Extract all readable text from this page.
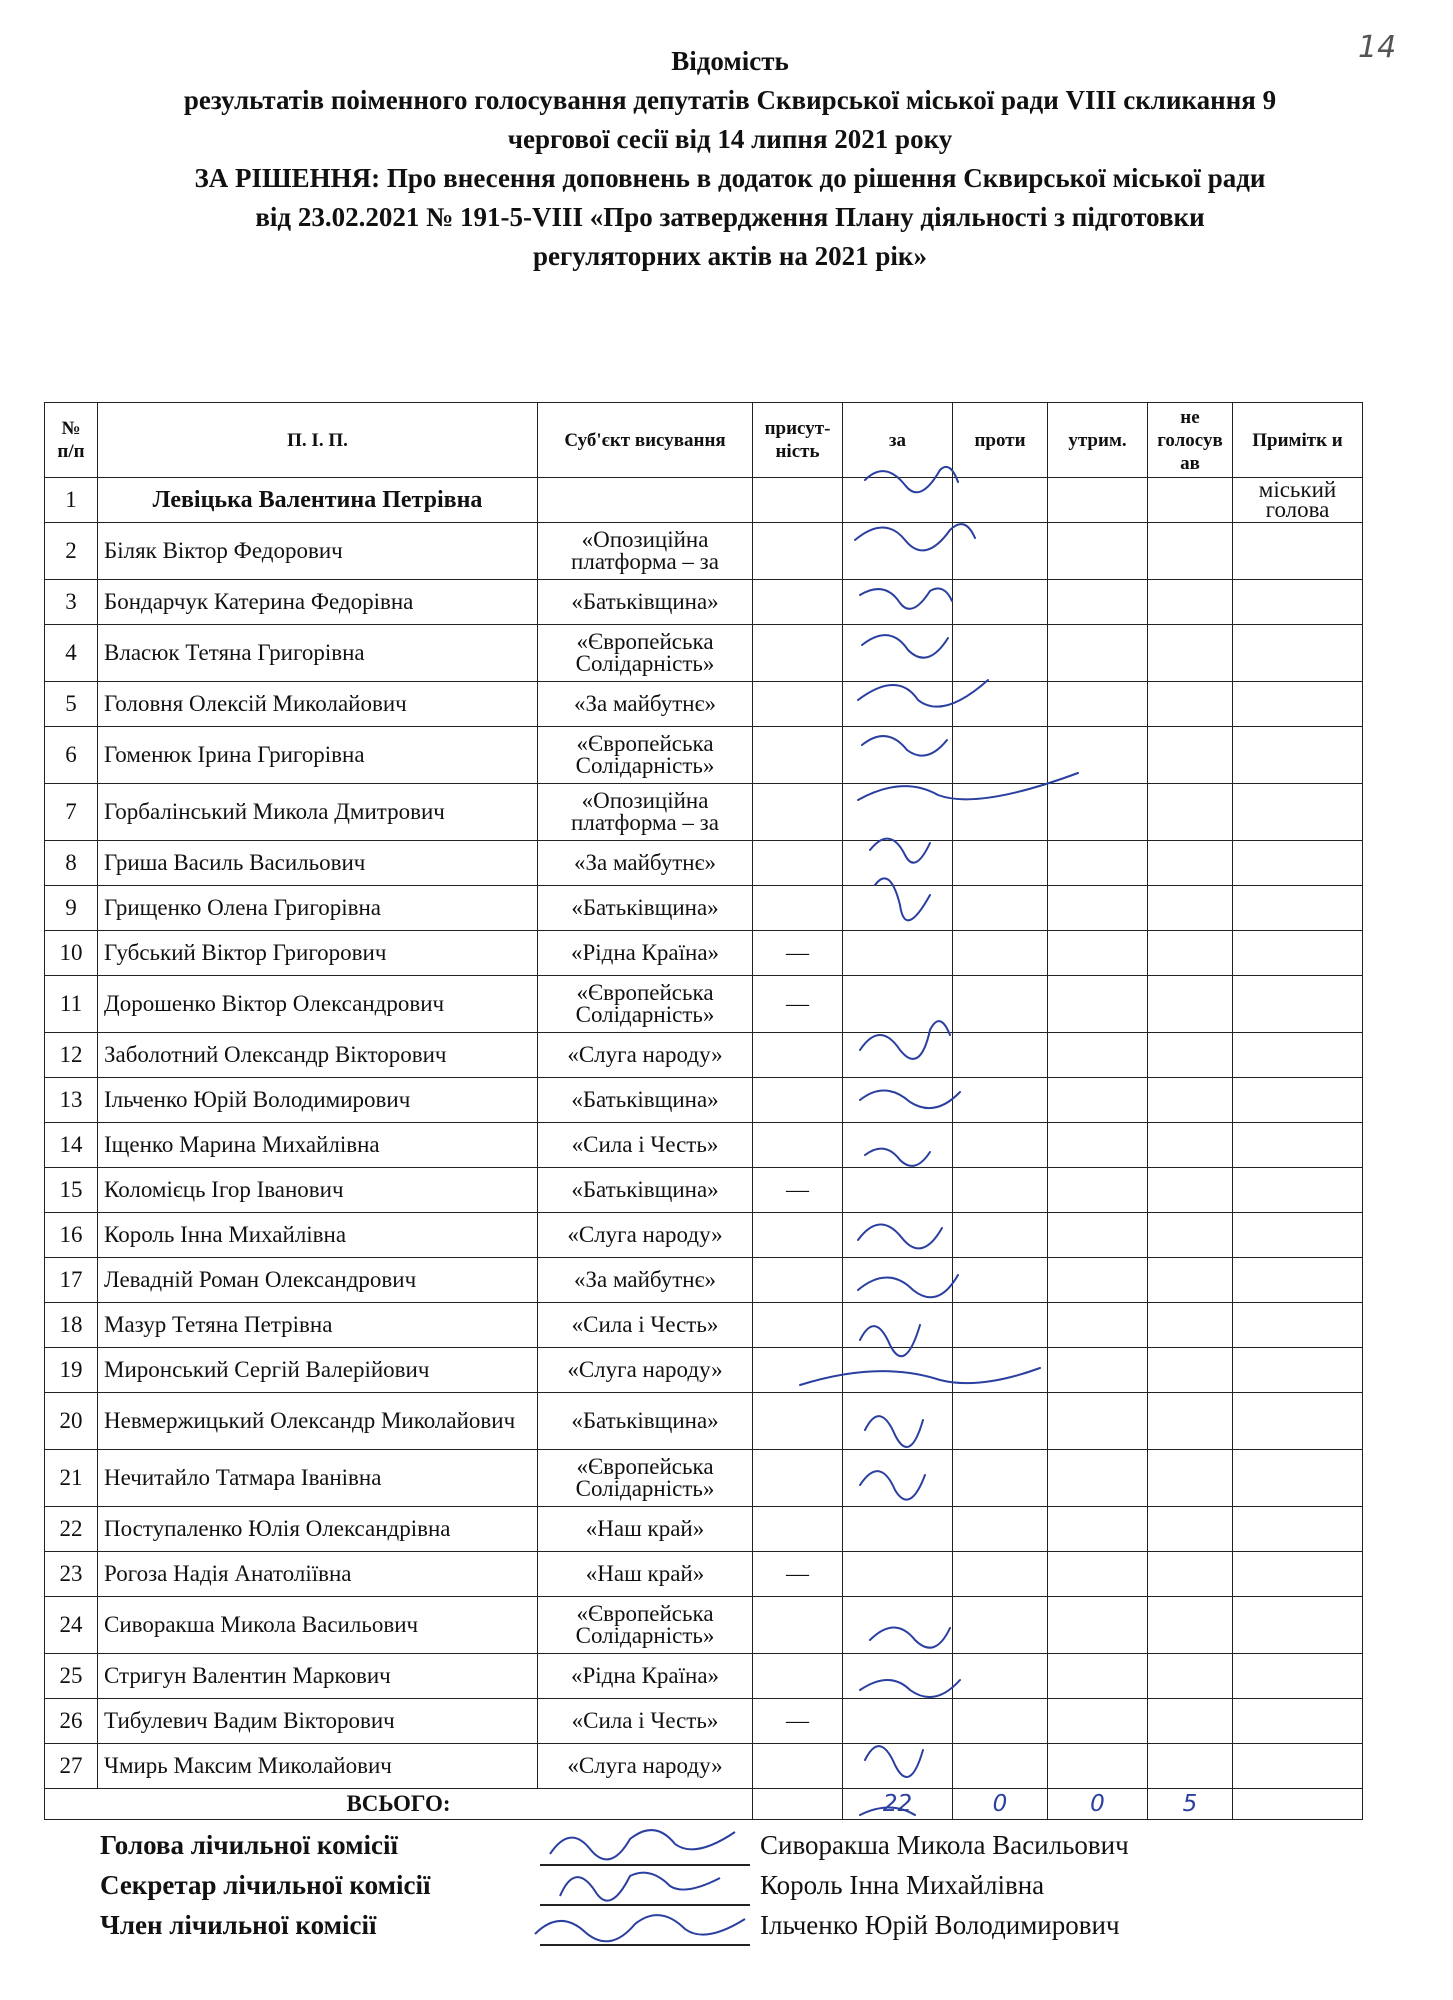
14
Відомість
результатів поіменного голосування депутатів Сквирської міської ради VIII скликання 9
чергової сесії від 14 липня 2021 року
ЗА РІШЕННЯ: Про внесення доповнень в додаток до рішення Сквирської міської ради
від 23.02.2021 № 191-5-VIII «Про затвердження Плану діяльності з підготовки
регуляторних актів на 2021 рік»
№ п/п	П. І. П.	Суб'єкт висування	присут-ність	за	проти	утрим.	не голосув ав	Примітк и
1	Левіцька Валентина Петрівна							міський голова
2	Біляк Віктор Федорович	«Опозиційна платформа – за						
3	Бондарчук Катерина Федорівна	«Батьківщина»						
4	Власюк Тетяна Григорівна	«Європейська Солідарність»						
5	Головня Олексій Миколайович	«За майбутнє»						
6	Гоменюк Ірина Григорівна	«Європейська Солідарність»						
7	Горбалінський Микола Дмитрович	«Опозиційна платформа – за						
8	Гриша Василь Васильович	«За майбутнє»						
9	Грищенко Олена Григорівна	«Батьківщина»						
10	Губський Віктор Григорович	«Рідна Країна»	—					
11	Дорошенко Віктор Олександрович	«Європейська Солідарність»	—					
12	Заболотний Олександр Вікторович	«Слуга народу»						
13	Ільченко Юрій Володимирович	«Батьківщина»						
14	Іщенко Марина Михайлівна	«Сила і Честь»						
15	Коломієць Ігор Іванович	«Батьківщина»	—					
16	Король Інна Михайлівна	«Слуга народу»						
17	Левадній Роман Олександрович	«За майбутнє»						
18	Мазур Тетяна Петрівна	«Сила і Честь»						
19	Миронський Сергій Валерійович	«Слуга народу»						
20	Невмержицький Олександр Миколайович	«Батьківщина»						
21	Нечитайло Татмара Іванівна	«Європейська Солідарність»						
22	Поступаленко Юлія Олександрівна	«Наш край»						
23	Рогоза Надія Анатоліївна	«Наш край»	—					
24	Сиворакша Микола Васильович	«Європейська Солідарність»						
25	Стригун Валентин Маркович	«Рідна Країна»						
26	Тибулевич Вадим Вікторович	«Сила і Честь»	—					
27	Чмирь Максим Миколайович	«Слуга народу»						
ВСЬОГО:				22	0	0	5	
Голова лічильної комісії	Сиворакша Микола Васильович
Секретар лічильної комісії	Король Інна Михайлівна
Член лічильної комісії	Ільченко Юрій Володимирович
